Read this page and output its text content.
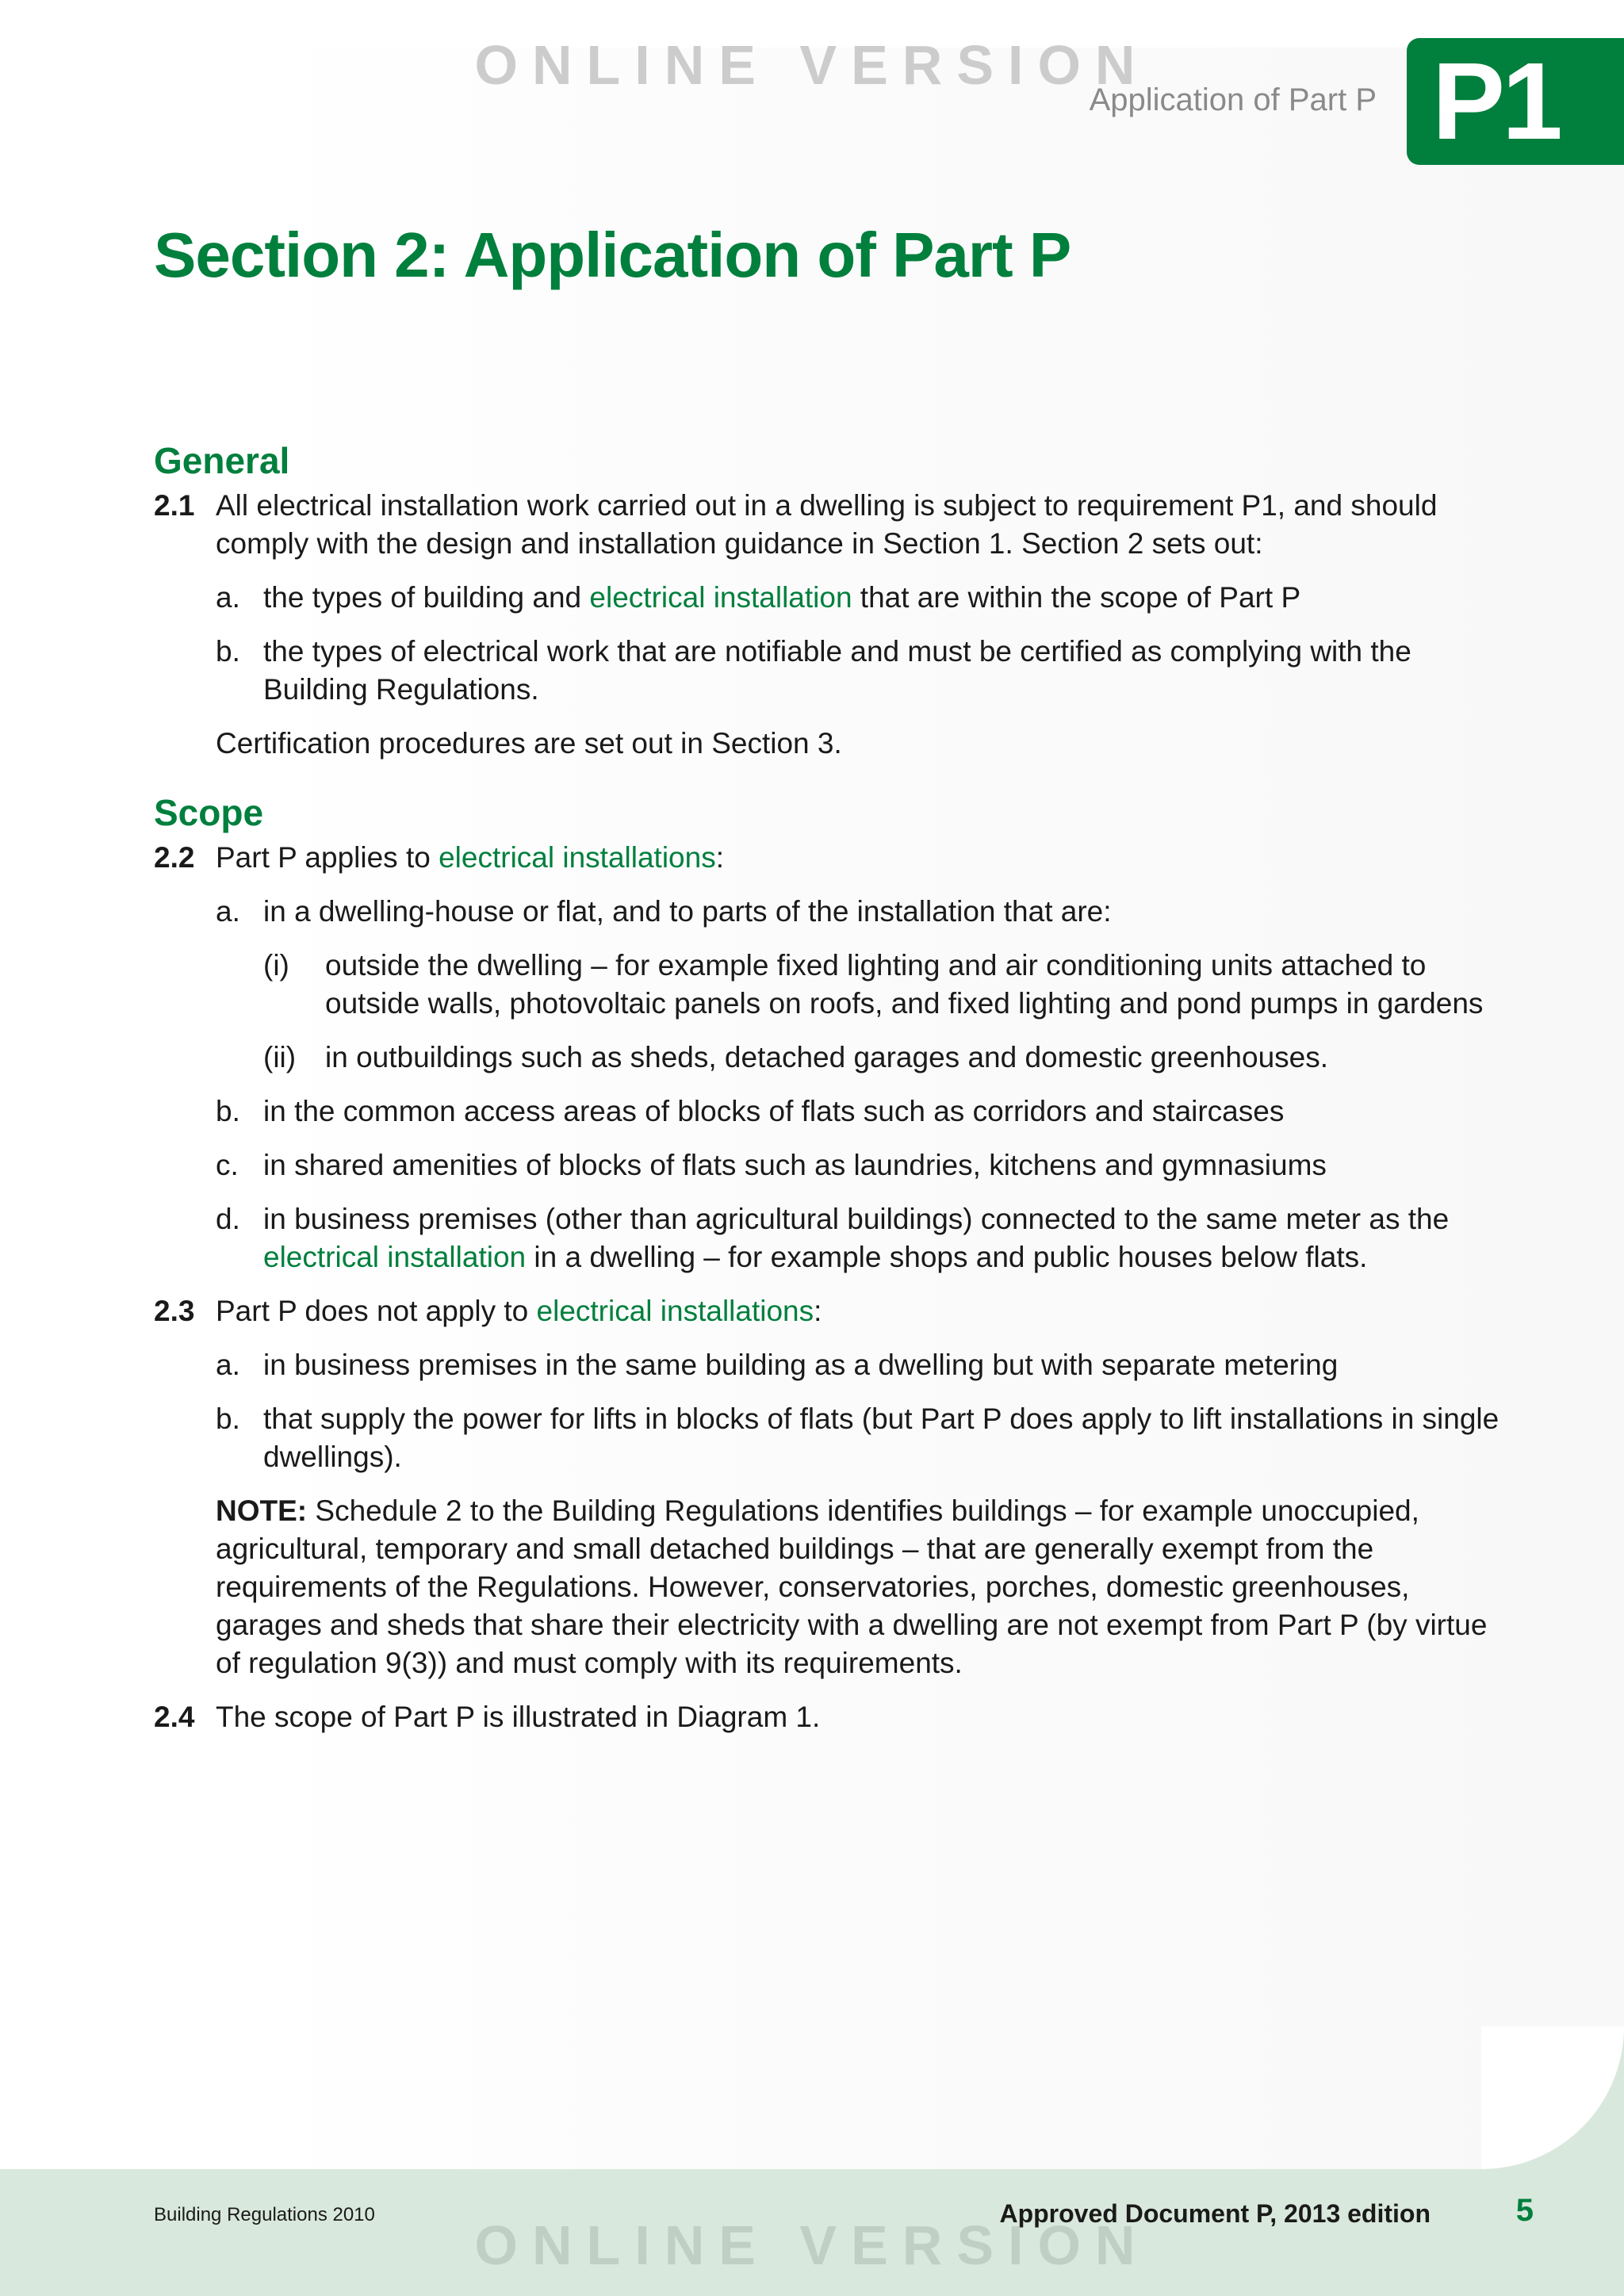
ONLINE VERSION
Application of Part P P1
Section 2: Application of Part P
General
2.1 All electrical installation work carried out in a dwelling is subject to requirement P1, and should comply with the design and installation guidance in Section 1. Section 2 sets out:
a. the types of building and electrical installation that are within the scope of Part P
b. the types of electrical work that are notifiable and must be certified as complying with the Building Regulations.
Certification procedures are set out in Section 3.
Scope
2.2 Part P applies to electrical installations:
a. in a dwelling-house or flat, and to parts of the installation that are:
(i)	outside the dwelling – for example fixed lighting and air conditioning units attached to outside walls, photovoltaic panels on roofs, and fixed lighting and pond pumps in gardens
(ii) in outbuildings such as sheds, detached garages and domestic greenhouses.
b. in the common access areas of blocks of flats such as corridors and staircases
c. in shared amenities of blocks of flats such as laundries, kitchens and gymnasiums
d. in business premises (other than agricultural buildings) connected to the same meter as the electrical installation in a dwelling – for example shops and public houses below flats.
2.3 Part P does not apply to electrical installations:
a. in business premises in the same building as a dwelling but with separate metering
b. that supply the power for lifts in blocks of flats (but Part P does apply to lift installations in single dwellings).
NOTE: Schedule 2 to the Building Regulations identifies buildings – for example unoccupied, agricultural, temporary and small detached buildings – that are generally exempt from the requirements of the Regulations. However, conservatories, porches, domestic greenhouses, garages and sheds that share their electricity with a dwelling are not exempt from Part P (by virtue of regulation 9(3)) and must comply with its requirements.
2.4 The scope of Part P is illustrated in Diagram 1.
Building Regulations 2010	Approved Document P, 2013 edition	5
ONLINE VERSION
